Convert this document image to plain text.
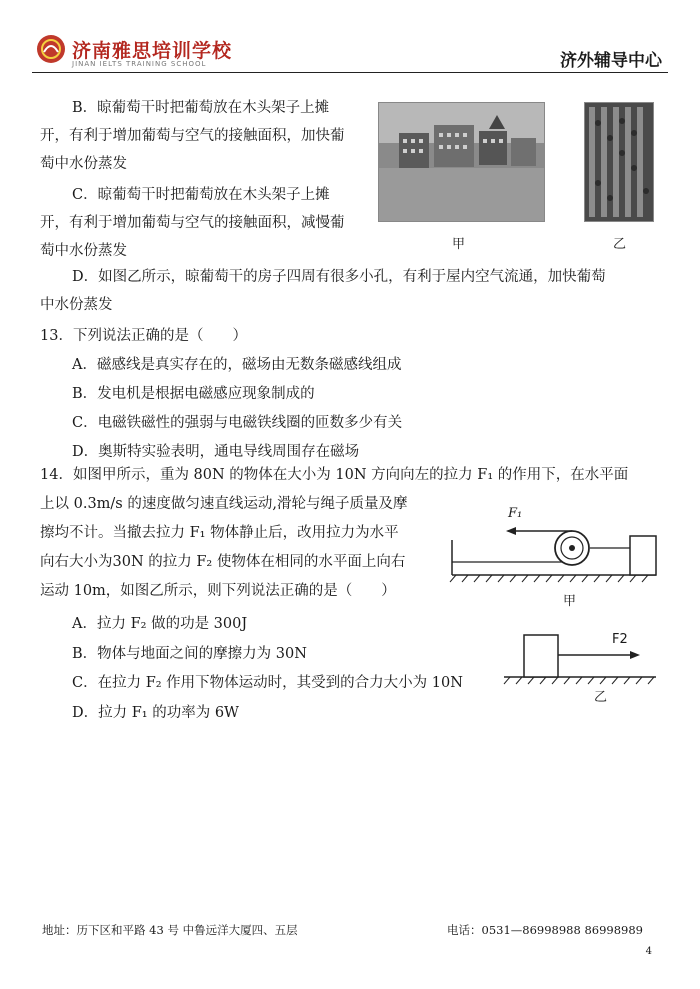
济南雅思培训学校
JINAN IELTS TRAINING SCHOOL	济外辅导中心
B．晾葡萄干时把葡萄放在木头架子上摊
开，有利于增加葡萄与空气的接触面积，加快葡
萄中水份蒸发
C．晾葡萄干时把葡萄放在木头架子上摊
开，有利于增加葡萄与空气的接触面积，减慢葡
萄中水份蒸发	甲	乙
D．如图乙所示，晾葡萄干的房子四周有很多小孔，有利于屋内空气流通，加快葡萄
中水份蒸发
13．下列说法正确的是（　　）
A．磁感线是真实存在的，磁场由无数条磁感线组成
B．发电机是根据电磁感应现象制成的
C．电磁铁磁性的强弱与电磁铁线圈的匝数多少有关
D．奥斯特实验表明，通电导线周围存在磁场
14．如图甲所示，重为 80N 的物体在大小为 10N 方向向左的拉力 F₁ 的作用下，在水平面
上以 0.3m/s 的速度做匀速直线运动,滑轮与绳子质量及摩
擦均不计。当撤去拉力 F₁ 物体静止后，改用拉力为水平
向右大小为30N 的拉力 F₂ 使物体在相同的水平面上向右
运动 10m，如图乙所示，则下列说法正确的是（　　）
A．拉力 F₂ 做的功是 300J
B．物体与地面之间的摩擦力为 30N
C．在拉力 F₂ 作用下物体运动时，其受到的合力大小为 10N
D．拉力 F₁ 的功率为 6W
F₁
甲
F2
乙
地址：历下区和平路 43 号 中鲁远洋大厦四、五层	电话：0531—86998988 86998989
4
